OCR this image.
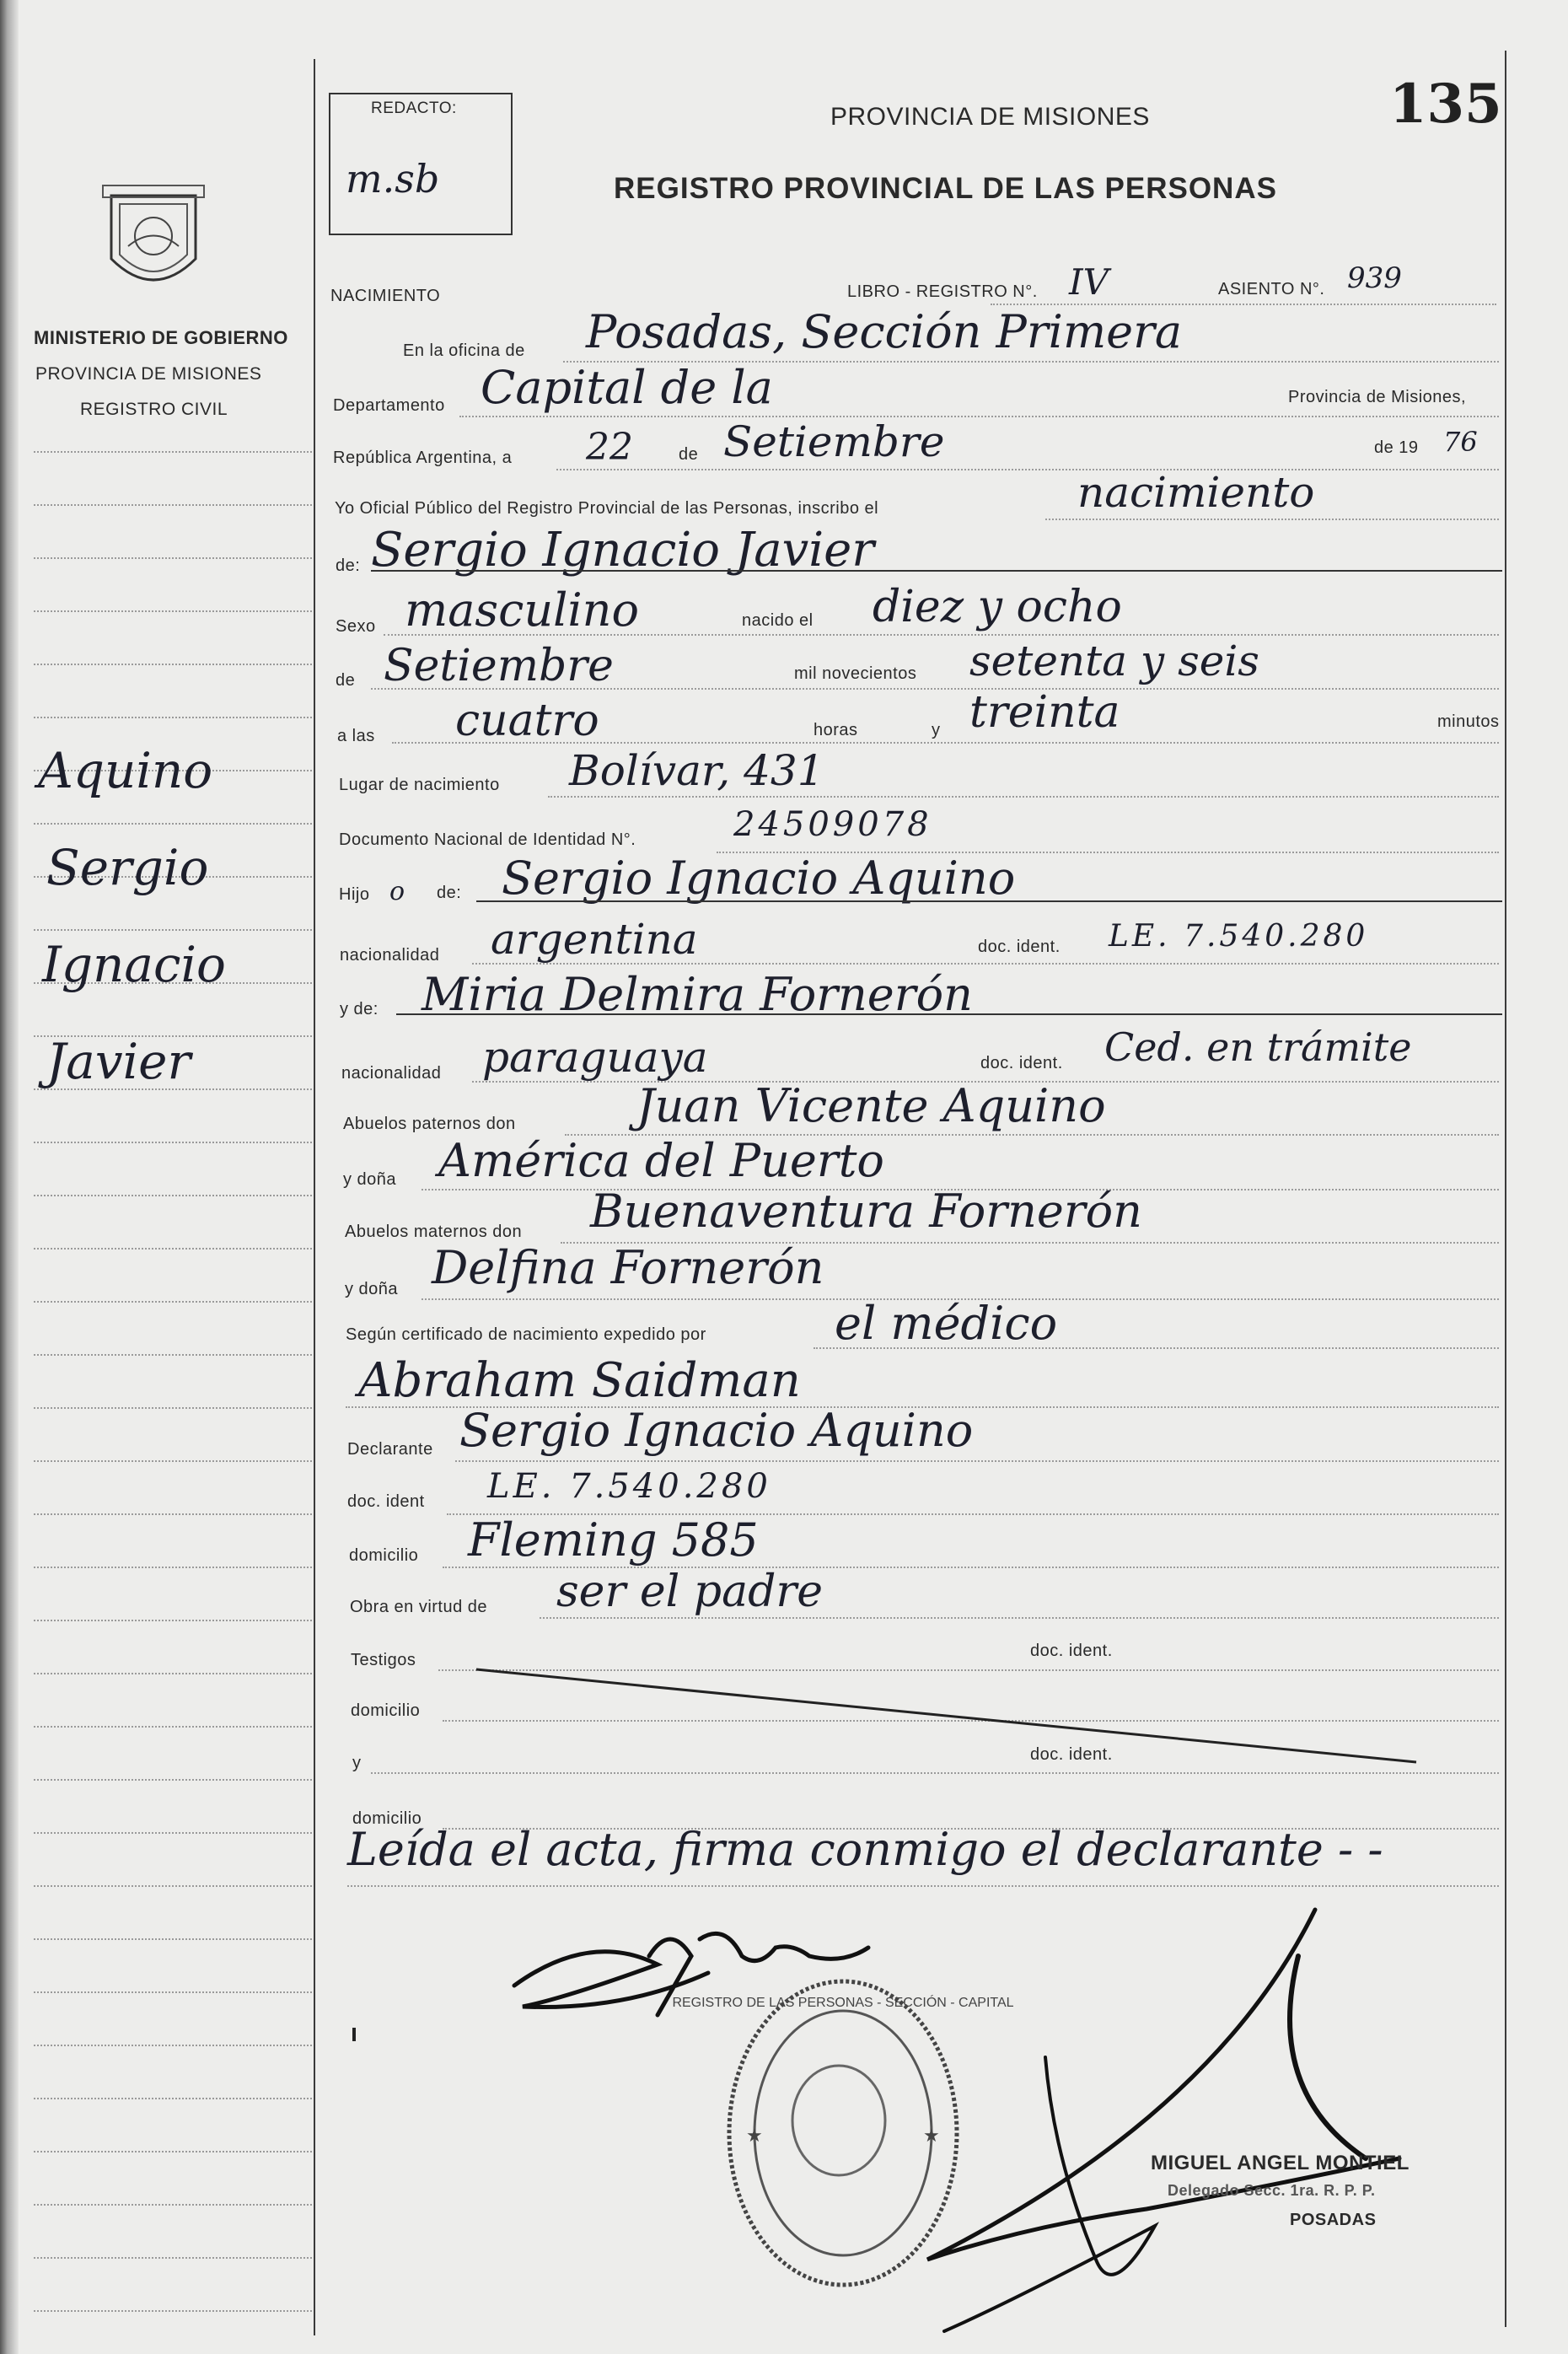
REDACTO:
m.sb
PROVINCIA DE MISIONES	135
REGISTRO PROVINCIAL DE LAS PERSONAS
MINISTERIO DE GOBIERNO
PROVINCIA DE MISIONES
REGISTRO CIVIL
Aquino
Sergio
Ignacio
Javier
NACIMIENTO	LIBRO - REGISTRO N°. IV	ASIENTO N°. 939
En la oficina de Posadas, Sección Primera
Departamento Capital de la	Provincia de Misiones,
República Argentina, a 22	de Setiembre	de 19 76
Yo Oficial Público del Registro Provincial de las Personas, inscribo el	nacimiento
de: Sergio Ignacio Javier
Sexo masculino	nacido el diez y ocho
de Setiembre	mil novecientos setenta y seis
a las cuatro	horas	y treinta	minutos
Lugar de nacimiento Bolívar, 431
Documento Nacional de Identidad N°.	24509078
Hijo o de: Sergio Ignacio Aquino
nacionalidad argentina	doc. ident. LE. 7.540.280
y de: Miria Delmira Fornerón
nacionalidad paraguaya	doc. ident. Ced. en trámite
Abuelos paternos don	Juan Vicente Aquino
y doña América del Puerto
Abuelos maternos don Buenaventura Fornerón
y doña Delfina Fornerón
Según certificado de nacimiento expedido por	el médico
Abraham Saidman
Declarante Sergio Ignacio Aquino
doc. ident LE. 7.540.280
domicilio Fleming 585
Obra en virtud de ser el padre
Testigos	doc. ident.
domicilio
y	doc. ident.
domicilio
Leída el acta, firma conmigo el declarante - -
REGISTRO DE LAS PERSONAS - SECCIÓN - CAPITAL
★	★
MIGUEL ANGEL MONTIEL
Delegado Secc. 1ra. R. P. P.
POSADAS
